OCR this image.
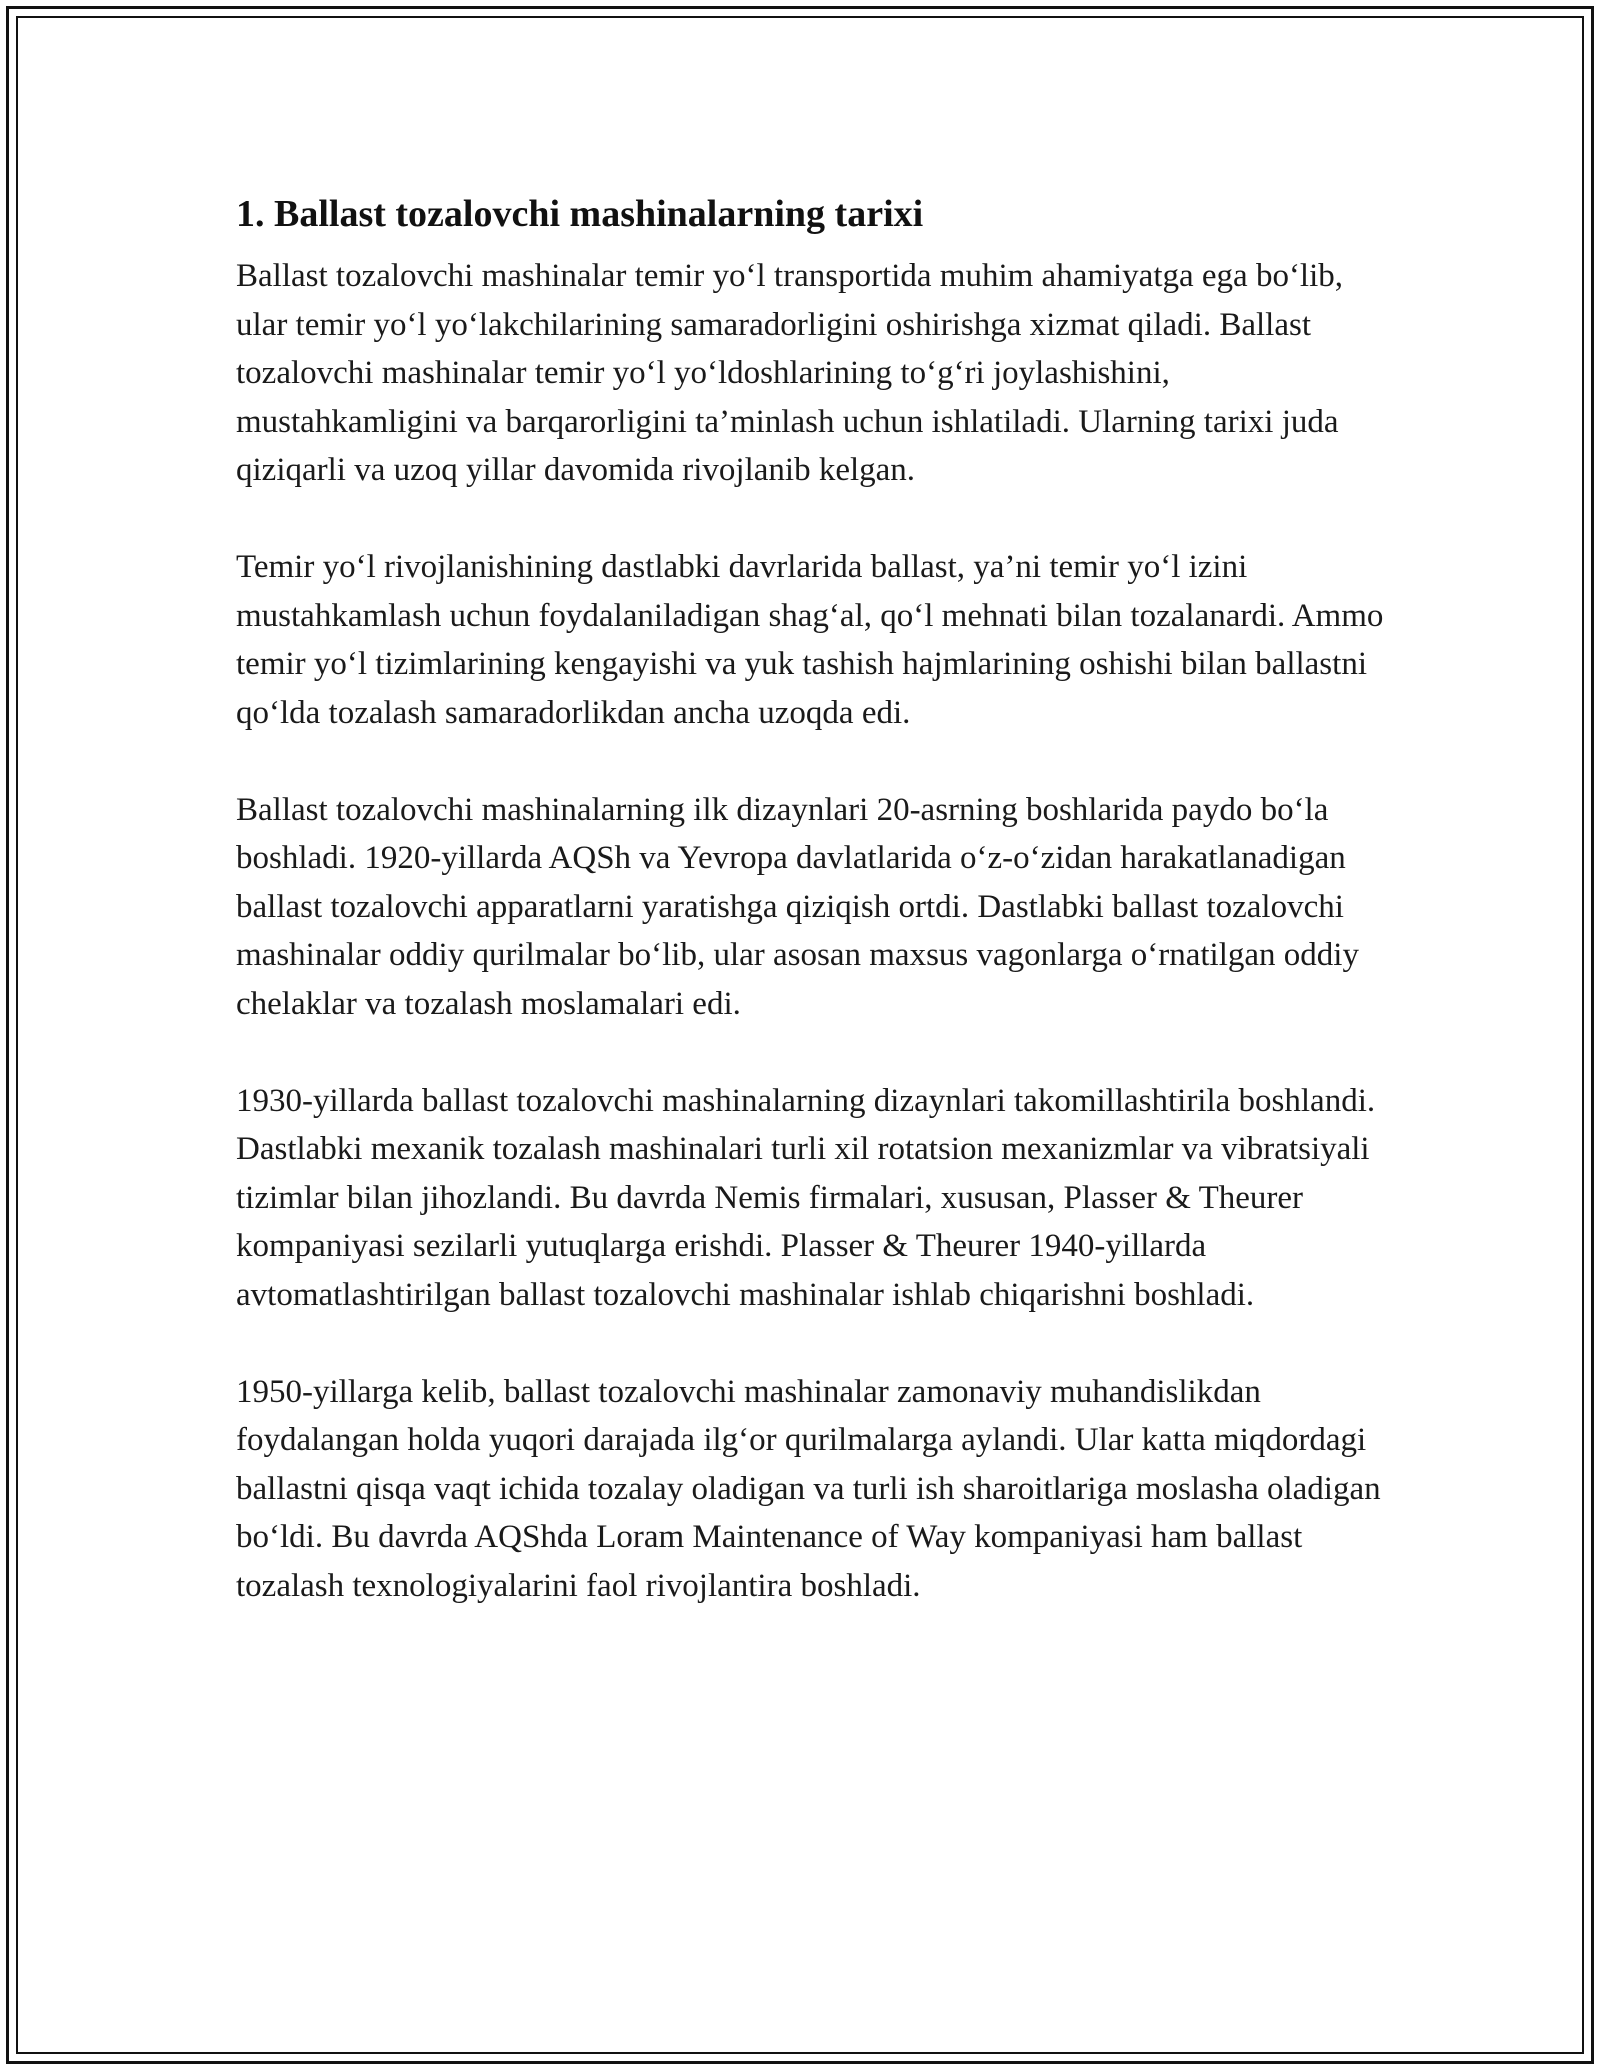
1. Ballast tozalovchi mashinalarning tarixi

Ballast tozalovchi mashinalar temir yo‘l transportida muhim ahamiyatga ega bo‘lib, ular temir yo‘l yo‘lakchilarining samaradorligini oshirishga xizmat qiladi. Ballast tozalovchi mashinalar temir yo‘l yo‘ldoshlarining to‘g‘ri joylashishini, mustahkamligini va barqarorligini ta’minlash uchun ishlatiladi. Ularning tarixi juda qiziqarli va uzoq yillar davomida rivojlanib kelgan.

Temir yo‘l rivojlanishining dastlabki davrlarida ballast, ya’ni temir yo‘l izini mustahkamlash uchun foydalaniladigan shag‘al, qo‘l mehnati bilan tozalanardi. Ammo temir yo‘l tizimlarining kengayishi va yuk tashish hajmlarining oshishi bilan ballastni qo‘lda tozalash samaradorlikdan ancha uzoqda edi.

Ballast tozalovchi mashinalarning ilk dizaynlari 20-asrning boshlarida paydo bo‘la boshladi. 1920-yillarda AQSh va Yevropa davlatlarida o‘z-o‘zidan harakatlanadigan ballast tozalovchi apparatlarni yaratishga qiziqish ortdi. Dastlabki ballast tozalovchi mashinalar oddiy qurilmalar bo‘lib, ular asosan maxsus vagonlarga o‘rnatilgan oddiy chelaklar va tozalash moslamalari edi.

1930-yillarda ballast tozalovchi mashinalarning dizaynlari takomillashtirila boshlandi. Dastlabki mexanik tozalash mashinalari turli xil rotatsion mexanizmlar va vibratsiyali tizimlar bilan jihozlandi. Bu davrda Nemis firmalari, xususan, Plasser & Theurer kompaniyasi sezilarli yutuqlarga erishdi. Plasser & Theurer 1940-yillarda avtomatlashtirilgan ballast tozalovchi mashinalar ishlab chiqarishni boshladi.

1950-yillarga kelib, ballast tozalovchi mashinalar zamonaviy muhandislikdan foydalangan holda yuqori darajada ilg‘or qurilmalarga aylandi. Ular katta miqdordagi ballastni qisqa vaqt ichida tozalay oladigan va turli ish sharoitlariga moslasha oladigan bo‘ldi. Bu davrda AQShda Loram Maintenance of Way kompaniyasi ham ballast tozalash texnologiyalarini faol rivojlantira boshladi.
